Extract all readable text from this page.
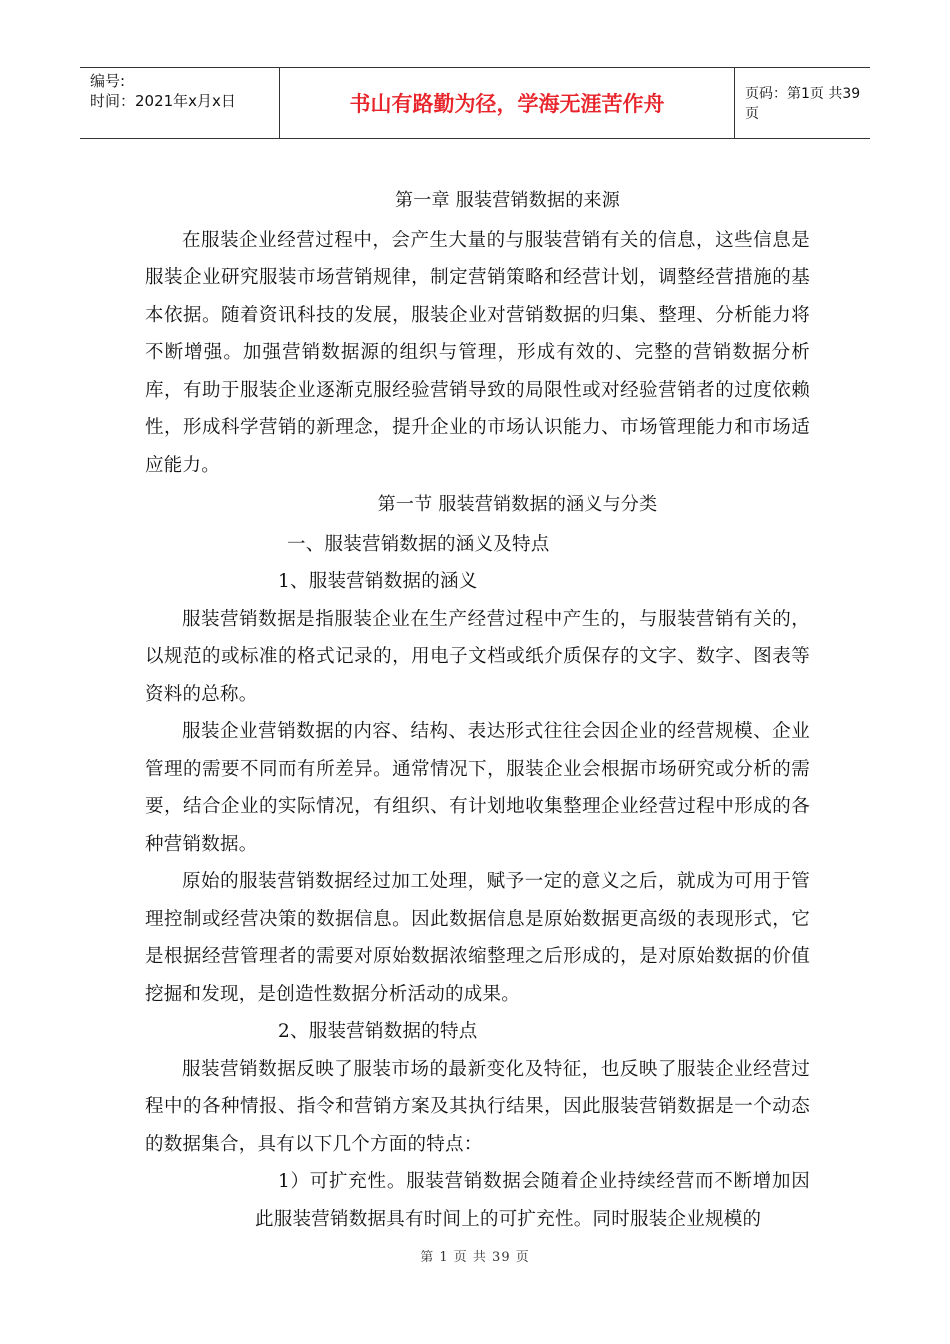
编号:
时间：2021年x月x日	书山有路勤为径，学海无涯苦作舟	页码：第1页 共39页

第一章 服装营销数据的来源

在服装企业经营过程中，会产生大量的与服装营销有关的信息，这些信息是服装企业研究服装市场营销规律，制定营销策略和经营计划，调整经营措施的基本依据。随着资讯科技的发展，服装企业对营销数据的归集、整理、分析能力将不断增强。加强营销数据源的组织与管理，形成有效的、完整的营销数据分析库，有助于服装企业逐渐克服经验营销导致的局限性或对经验营销者的过度依赖性，形成科学营销的新理念，提升企业的市场认识能力、市场管理能力和市场适应能力。

第一节 服装营销数据的涵义与分类

一、服装营销数据的涵义及特点

1、服装营销数据的涵义

服装营销数据是指服装企业在生产经营过程中产生的，与服装营销有关的，以规范的或标准的格式记录的，用电子文档或纸介质保存的文字、数字、图表等资料的总称。

服装企业营销数据的内容、结构、表达形式往往会因企业的经营规模、企业管理的需要不同而有所差异。通常情况下，服装企业会根据市场研究或分析的需要，结合企业的实际情况，有组织、有计划地收集整理企业经营过程中形成的各种营销数据。

原始的服装营销数据经过加工处理，赋予一定的意义之后，就成为可用于管理控制或经营决策的数据信息。因此数据信息是原始数据更高级的表现形式，它是根据经营管理者的需要对原始数据浓缩整理之后形成的，是对原始数据的价值挖掘和发现，是创造性数据分析活动的成果。

2、服装营销数据的特点

服装营销数据反映了服装市场的最新变化及特征，也反映了服装企业经营过程中的各种情报、指令和营销方案及其执行结果，因此服装营销数据是一个动态的数据集合，具有以下几个方面的特点：

1）可扩充性。服装营销数据会随着企业持续经营而不断增加因此服装营销数据具有时间上的可扩充性。同时服装企业规模的

第 1 页 共 39 页
